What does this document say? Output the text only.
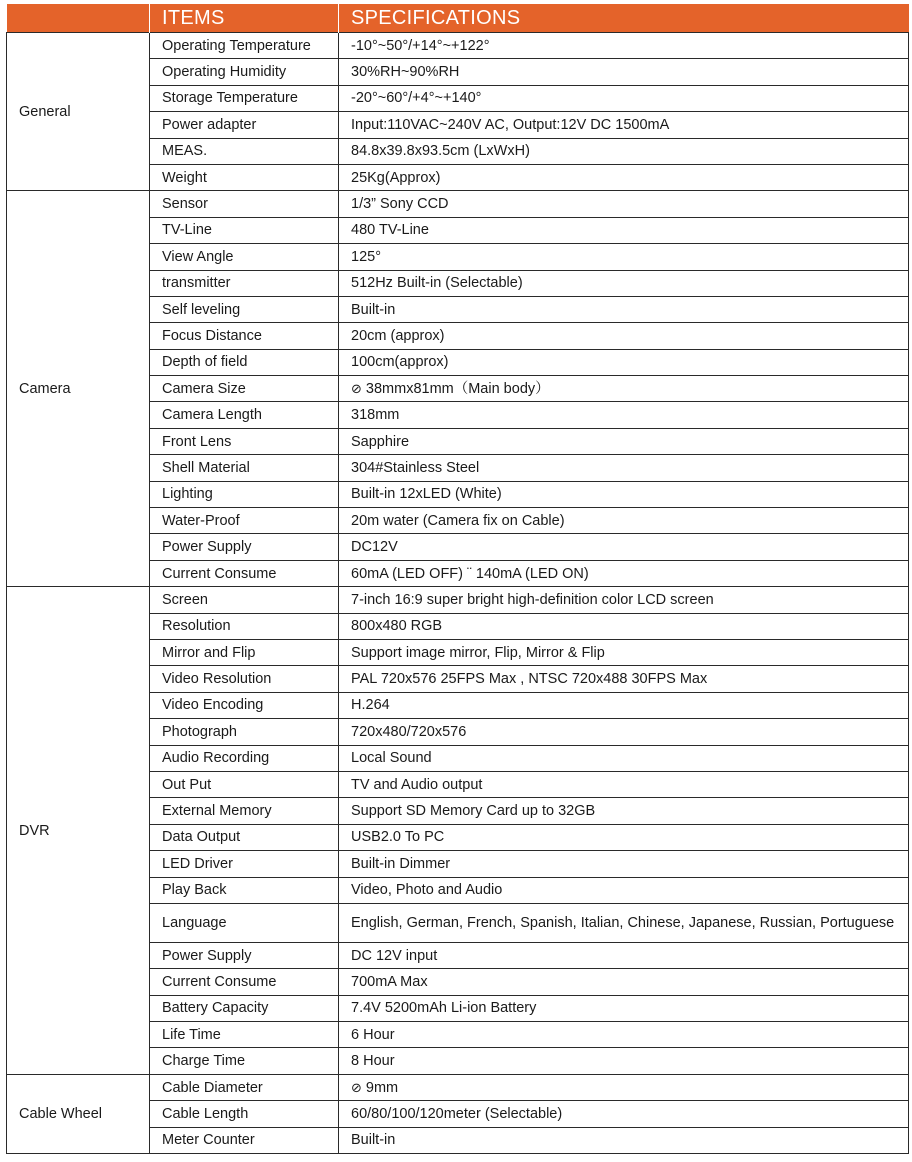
	ITEMS	SPECIFICATIONS
General	Operating Temperature	-10°~50°/+14°~+122°
	Operating Humidity	30%RH~90%RH
	Storage Temperature	-20°~60°/+4°~+140°
	Power adapter	Input:110VAC~240V AC, Output:12V DC 1500mA
	MEAS.	84.8x39.8x93.5cm (LxWxH)
	Weight	25Kg(Approx)
Camera	Sensor	1/3” Sony CCD
	TV-Line	480 TV-Line
	View Angle	125°
	transmitter	512Hz Built-in (Selectable)
	Self leveling	Built-in
	Focus Distance	20cm (approx)
	Depth of field	100cm(approx)
	Camera Size	⊘ 38mmx81mm（Main body）
	Camera Length	318mm
	Front Lens	Sapphire
	Shell Material	304#Stainless Steel
	Lighting	Built-in 12xLED (White)
	Water-Proof	20m water (Camera fix on Cable)
	Power Supply	DC12V
	Current Consume	60mA (LED OFF) ¨ 140mA (LED ON)
DVR	Screen	7-inch 16:9 super bright high-definition color LCD screen
	Resolution	800x480 RGB
	Mirror and Flip	Support image mirror, Flip, Mirror & Flip
	Video Resolution	PAL 720x576 25FPS Max , NTSC 720x488 30FPS Max
	Video Encoding	H.264
	Photograph	720x480/720x576
	Audio Recording	Local Sound
	Out Put	TV and Audio output
	External Memory	Support SD Memory Card up to 32GB
	Data Output	USB2.0 To PC
	LED Driver	Built-in Dimmer
	Play Back	Video, Photo and Audio
	Language	English, German, French, Spanish, Italian, Chinese, Japanese, Russian, Portuguese
	Power Supply	DC 12V input
	Current Consume	700mA Max
	Battery Capacity	7.4V 5200mAh Li-ion Battery
	Life Time	6 Hour
	Charge Time	8 Hour
Cable Wheel	Cable Diameter	⊘ 9mm
	Cable Length	60/80/100/120meter (Selectable)
	Meter Counter	Built-in
